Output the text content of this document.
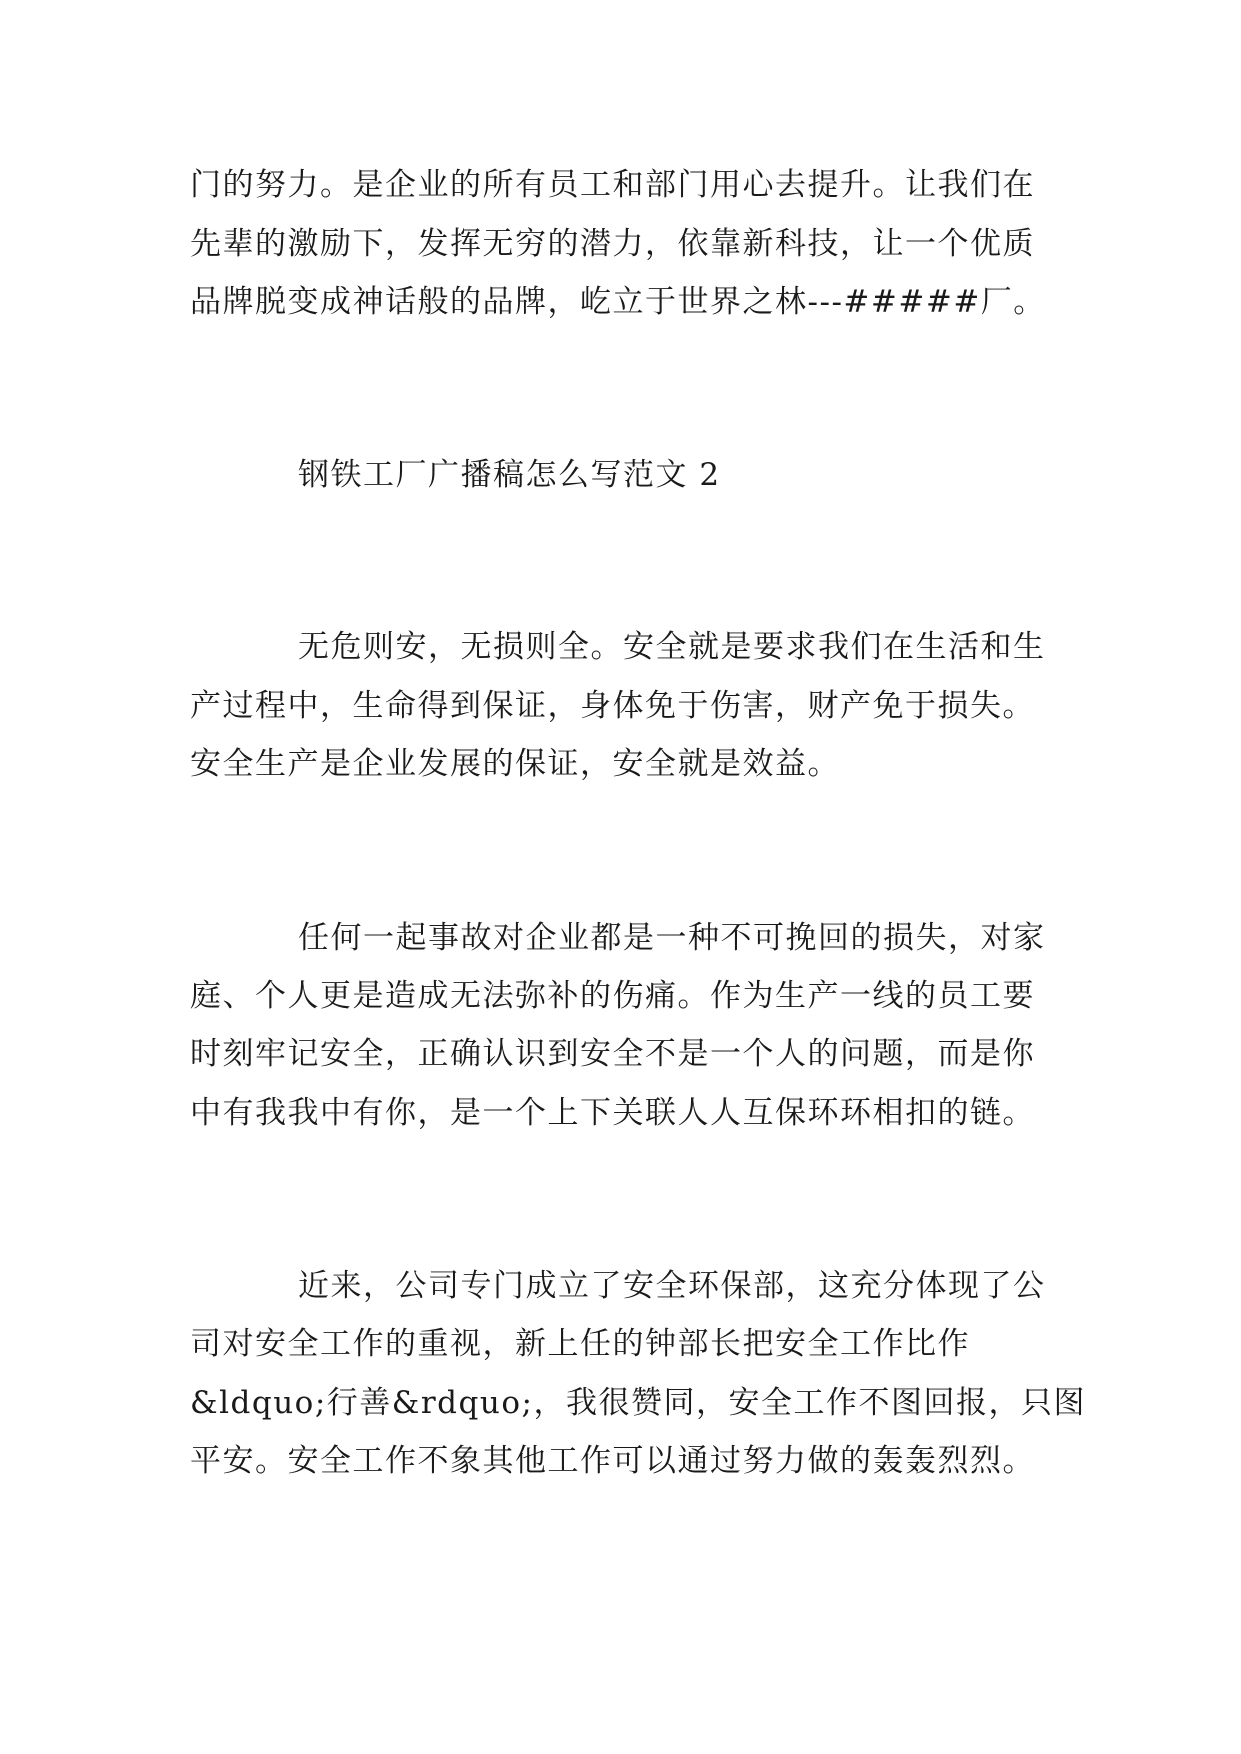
门的努力。是企业的所有员工和部门用心去提升。让我们在
先辈的激励下，发挥无穷的潜力，依靠新科技，让一个优质
品牌脱变成神话般的品牌，屹立于世界之林---#####厂。
钢铁工厂广播稿怎么写范文 2
无危则安，无损则全。安全就是要求我们在生活和生
产过程中，生命得到保证，身体免于伤害，财产免于损失。
安全生产是企业发展的保证，安全就是效益。
任何一起事故对企业都是一种不可挽回的损失，对家
庭、个人更是造成无法弥补的伤痛。作为生产一线的员工要
时刻牢记安全，正确认识到安全不是一个人的问题，而是你
中有我我中有你，是一个上下关联人人互保环环相扣的链。
近来，公司专门成立了安全环保部，这充分体现了公
司对安全工作的重视，新上任的钟部长把安全工作比作
&ldquo;行善&rdquo;，我很赞同，安全工作不图回报，只图
平安。安全工作不象其他工作可以通过努力做的轰轰烈烈。
